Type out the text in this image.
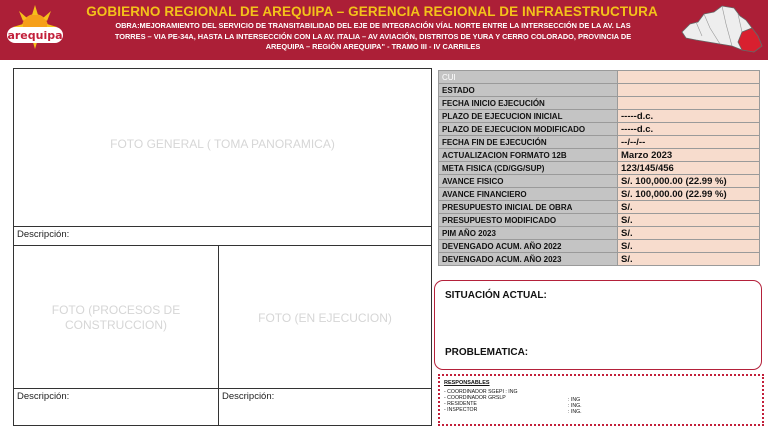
arequipa
GOBIERNO REGIONAL DE AREQUIPA – GERENCIA REGIONAL DE INFRAESTRUCTURA
OBRA:MEJORAMIENTO DEL SERVICIO DE TRANSITABILIDAD DEL EJE DE INTEGRACIÓN VÍAL NORTE ENTRE LA INTERSECCIÓN DE LA AV. LAS
TORRES – VIA PE-34A, HASTA LA INTERSECCIÓN CON LA AV. ITALIA – AV AVIACIÓN, DISTRITOS DE YURA Y CERRO COLORADO, PROVINCIA DE
AREQUIPA – REGIÓN AREQUIPA" - TRAMO III - IV CARRILES
FOTO GENERAL ( TOMA PANORAMICA)
Descripción:
FOTO (PROCESOS DE
CONSTRUCCION)	FOTO (EN EJECUCION)
Descripción:	Descripción:
CUI	
ESTADO	
FECHA INICIO EJECUCIÓN	
PLAZO DE EJECUCION INICIAL	-----d.c.
PLAZO DE EJECUCION MODIFICADO	-----d.c.
FECHA FIN DE EJECUCIÓN	--/--/--
ACTUALIZACION FORMATO 12B	Marzo 2023
META FISICA (CD/GG/SUP)	123/145/456
AVANCE FISICO	S/. 100,000.00 (22.99 %)
AVANCE FINANCIERO	S/. 100,000.00 (22.99 %)
PRESUPUESTO INICIAL DE OBRA	S/.
PRESUPUESTO MODIFICADO	S/.
PIM AÑO 2023	S/.
DEVENGADO ACUM. AÑO 2022	S/.
DEVENGADO ACUM. AÑO 2023	S/.
SITUACIÓN ACTUAL:
PROBLEMATICA:
RESPONSABLES
- COORDINADOR SGEPI : ING
- COORDINADOR GRSLP	: ING
- RESIDENTE	: ING.
- INSPECTOR	: ING.
